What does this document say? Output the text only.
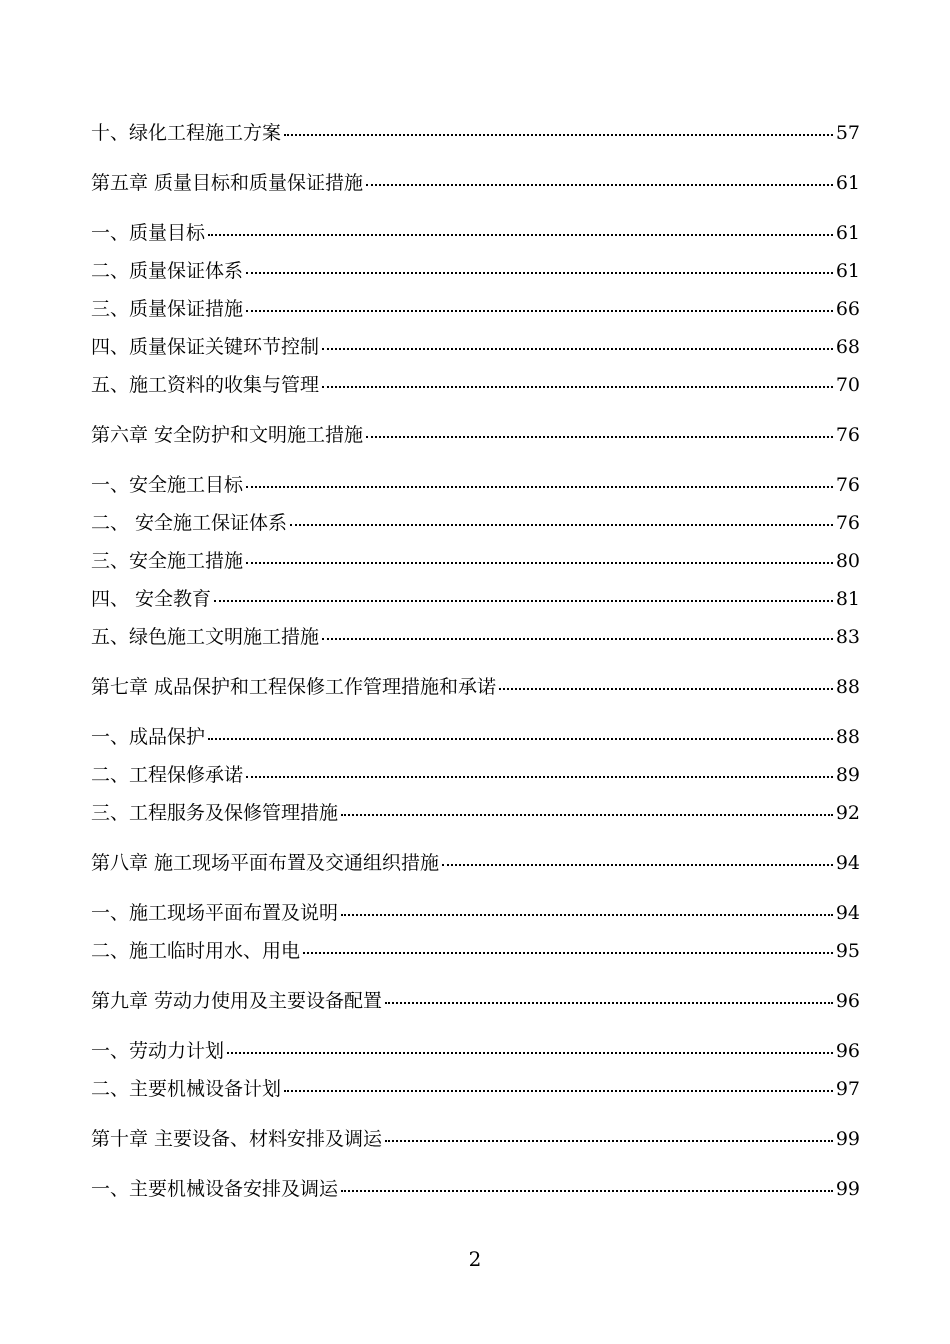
十、绿化工程施工方案	57
第五章 质量目标和质量保证措施	61
一、质量目标	61
二、质量保证体系	61
三、质量保证措施	66
四、质量保证关键环节控制	68
五、施工资料的收集与管理	70
第六章 安全防护和文明施工措施	76
一、安全施工目标	76
二、 安全施工保证体系	76
三、安全施工措施	80
四、 安全教育	81
五、绿色施工文明施工措施	83
第七章 成品保护和工程保修工作管理措施和承诺	88
一、成品保护	88
二、工程保修承诺	89
三、工程服务及保修管理措施	92
第八章 施工现场平面布置及交通组织措施	94
一、施工现场平面布置及说明	94
二、施工临时用水、用电	95
第九章 劳动力使用及主要设备配置	96
一、劳动力计划	96
二、主要机械设备计划	97
第十章 主要设备、材料安排及调运	99
一、主要机械设备安排及调运	99
2
